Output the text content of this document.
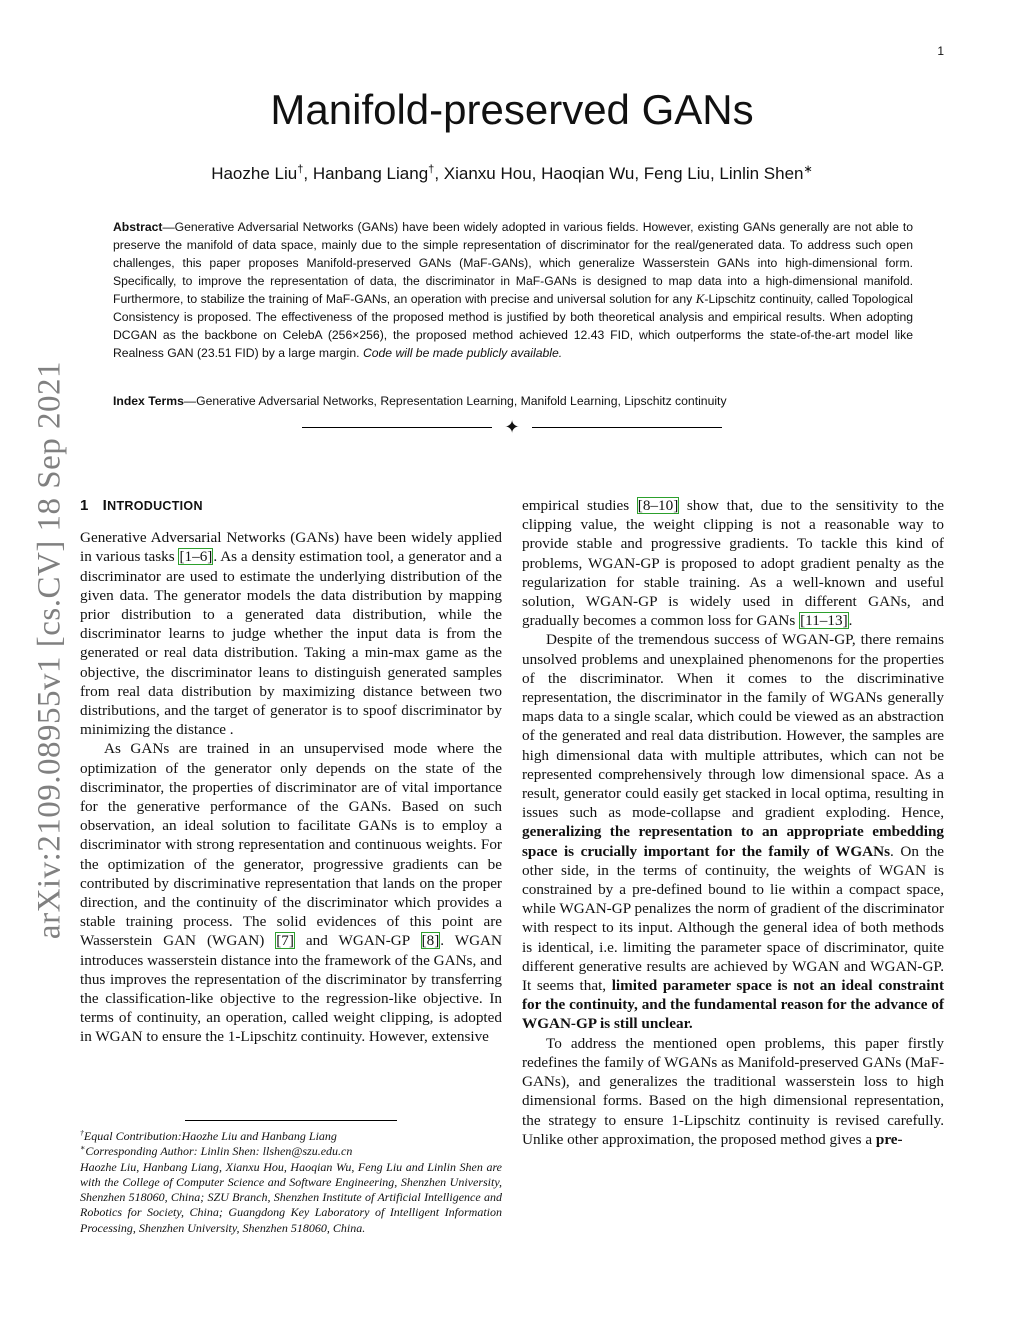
1
arXiv:2109.08955v1 [cs.CV] 18 Sep 2021
Manifold-preserved GANs
Haozhe Liu†, Hanbang Liang†, Xianxu Hou, Haoqian Wu, Feng Liu, Linlin Shen∗
Abstract—Generative Adversarial Networks (GANs) have been widely adopted in various fields. However, existing GANs generally are not able to preserve the manifold of data space, mainly due to the simple representation of discriminator for the real/generated data. To address such open challenges, this paper proposes Manifold-preserved GANs (MaF-GANs), which generalize Wasserstein GANs into high-dimensional form. Specifically, to improve the representation of data, the discriminator in MaF-GANs is designed to map data into a high-dimensional manifold. Furthermore, to stabilize the training of MaF-GANs, an operation with precise and universal solution for any K-Lipschitz continuity, called Topological Consistency is proposed. The effectiveness of the proposed method is justified by both theoretical analysis and empirical results. When adopting DCGAN as the backbone on CelebA (256×256), the proposed method achieved 12.43 FID, which outperforms the state-of-the-art model like Realness GAN (23.51 FID) by a large margin. Code will be made publicly available.
Index Terms—Generative Adversarial Networks, Representation Learning, Manifold Learning, Lipschitz continuity
✦
1 INTRODUCTION

Generative Adversarial Networks (GANs) have been widely applied in various tasks [1–6]. As a density estimation tool, a generator and a discriminator are used to estimate the underlying distribution of the given data. The generator models the data distribution by mapping prior distribution to a generated data distribution, while the discriminator learns to judge whether the input data is from the generated or real data distribution. Taking a min-max game as the objective, the discriminator leans to distinguish generated samples from real data distribution by maximizing distance between two distributions, and the target of generator is to spoof discriminator by minimizing the distance .

As GANs are trained in an unsupervised mode where the optimization of the generator only depends on the state of the discriminator, the properties of discriminator are of vital importance for the generative performance of the GANs. Based on such observation, an ideal solution to facilitate GANs is to employ a discriminator with strong representation and continuous weights. For the optimization of the generator, progressive gradients can be contributed by discriminative representation that lands on the proper direction, and the continuity of the discriminator which provides a stable training process. The solid evidences of this point are Wasserstein GAN (WGAN) [7] and WGAN-GP [8]. WGAN introduces wasserstein distance into the framework of the GANs, and thus improves the representation of the discriminator by transferring the classification-like objective to the regression-like objective. In terms of continuity, an operation, called weight clipping, is adopted in WGAN to ensure the 1-Lipschitz continuity. However, extensive

†Equal Contribution:Haozhe Liu and Hanbang Liang
∗Corresponding Author: Linlin Shen: llshen@szu.edu.cn
Haozhe Liu, Hanbang Liang, Xianxu Hou, Haoqian Wu, Feng Liu and Linlin Shen are with the College of Computer Science and Software Engineering, Shenzhen University, Shenzhen 518060, China; SZU Branch, Shenzhen Institute of Artificial Intelligence and Robotics for Society, China; Guangdong Key Laboratory of Intelligent Information Processing, Shenzhen University, Shenzhen 518060, China.

empirical studies [8–10] show that, due to the sensitivity to the clipping value, the weight clipping is not a reasonable way to provide stable and progressive gradients. To tackle this kind of problems, WGAN-GP is proposed to adopt gradient penalty as the regularization for stable training. As a well-known and useful solution, WGAN-GP is widely used in different GANs, and gradually becomes a common loss for GANs [11–13].

Despite of the tremendous success of WGAN-GP, there remains unsolved problems and unexplained phenomenons for the properties of the discriminator. When it comes to the discriminative representation, the discriminator in the family of WGANs generally maps data to a single scalar, which could be viewed as an abstraction of the generated and real data distribution. However, the samples are high dimensional data with multiple attributes, which can not be represented comprehensively through low dimensional space. As a result, generator could easily get stacked in local optima, resulting in issues such as mode-collapse and gradient exploding. Hence, generalizing the representation to an appropriate embedding space is crucially important for the family of WGANs. On the other side, in the terms of continuity, the weights of WGAN is constrained by a pre-defined bound to lie within a compact space, while WGAN-GP penalizes the norm of gradient of the discriminator with respect to its input. Although the general idea of both methods is identical, i.e. limiting the parameter space of discriminator, quite different generative results are achieved by WGAN and WGAN-GP. It seems that, limited parameter space is not an ideal constraint for the continuity, and the fundamental reason for the advance of WGAN-GP is still unclear.

To address the mentioned open problems, this paper firstly redefines the family of WGANs as Manifold-preserved GANs (MaF-GANs), and generalizes the traditional wasserstein loss to high dimensional forms. Based on the high dimensional representation, the strategy to ensure 1-Lipschitz continuity is revised carefully. Unlike other approximation, the proposed method gives a pre-
